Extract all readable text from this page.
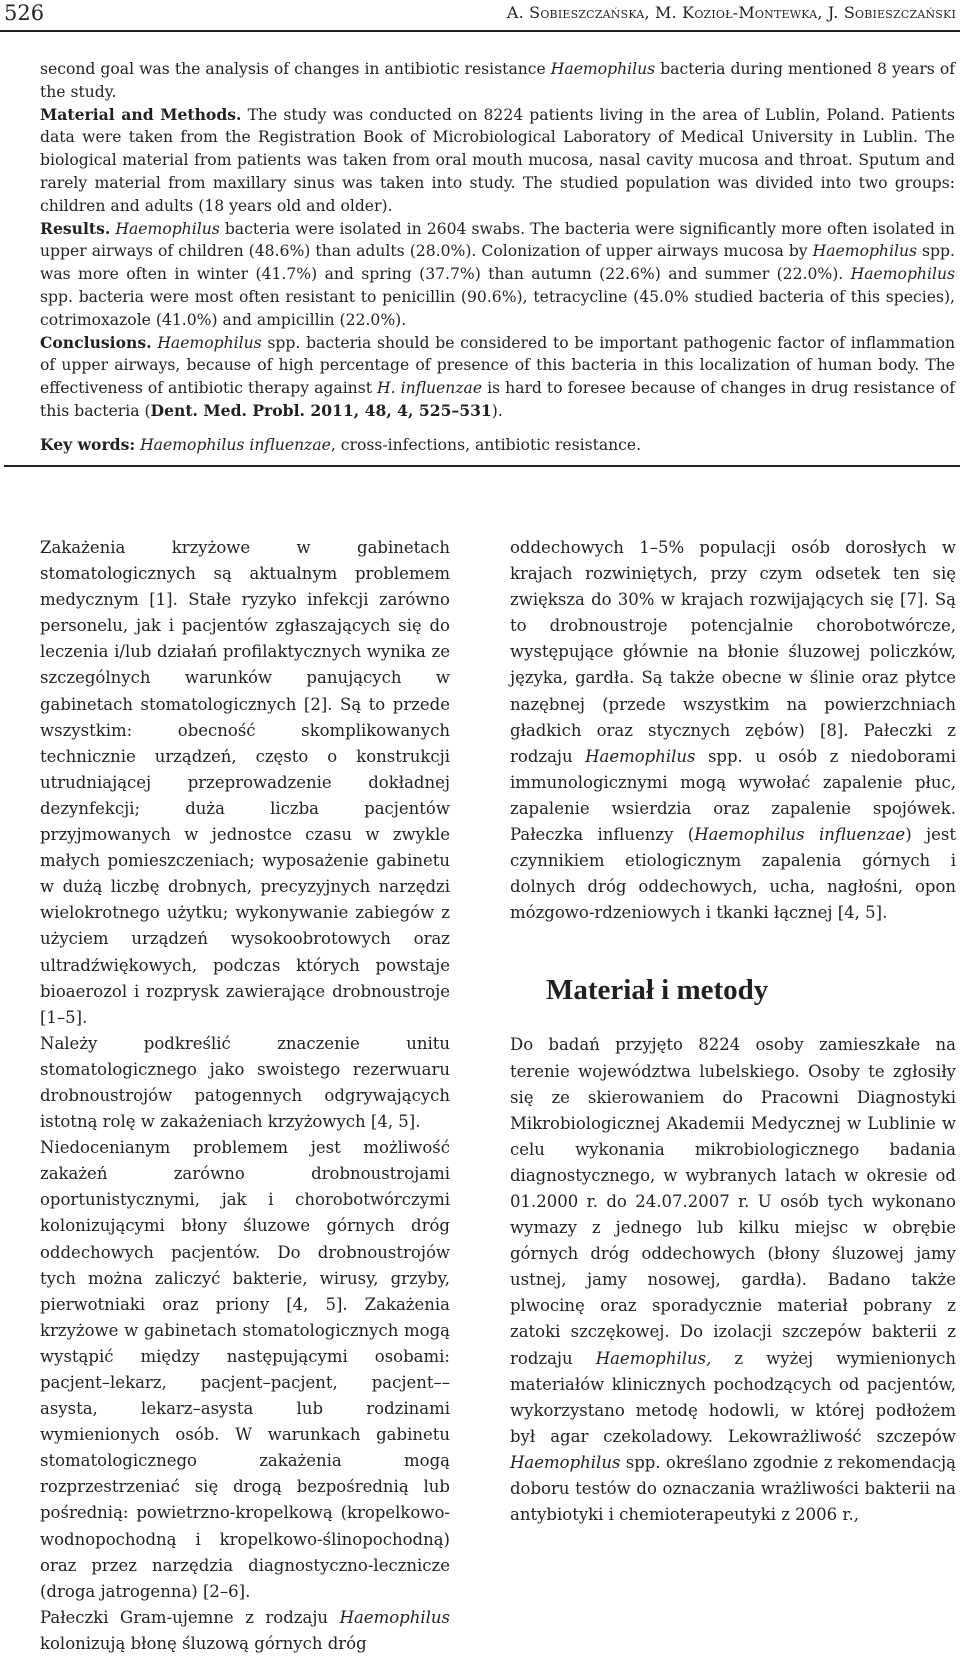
526	A. Sobieszczańska, M. Kozioł-Montewka, J. Sobieszczański

second goal was the analysis of changes in antibiotic resistance Haemophilus bacteria during mentioned 8 years of the study.

Material and Methods. The study was conducted on 8224 patients living in the area of Lublin, Poland. Patients data were taken from the Registration Book of Microbiological Laboratory of Medical University in Lublin. The biological material from patients was taken from oral mouth mucosa, nasal cavity mucosa and throat. Sputum and rarely material from maxillary sinus was taken into study. The studied population was divided into two groups: children and adults (18 years old and older).

Results. Haemophilus bacteria were isolated in 2604 swabs. The bacteria were significantly more often isolated in upper airways of children (48.6%) than adults (28.0%). Colonization of upper airways mucosa by Haemophilus spp. was more often in winter (41.7%) and spring (37.7%) than autumn (22.6%) and summer (22.0%). Haemophilus spp. bacteria were most often resistant to penicillin (90.6%), tetracycline (45.0% studied bacteria of this species), cotrimoxazole (41.0%) and ampicillin (22.0%).

Conclusions. Haemophilus spp. bacteria should be considered to be important pathogenic factor of inflammation of upper airways, because of high percentage of presence of this bacteria in this localization of human body. The effectiveness of antibiotic therapy against H. influenzae is hard to foresee because of changes in drug resistance of this bacteria (Dent. Med. Probl. 2011, 48, 4, 525–531).

Key words: Haemophilus influenzae, cross-infections, antibiotic resistance.

Zakażenia krzyżowe w gabinetach stomatologicznych są aktualnym problemem medycznym [1]. Stałe ryzyko infekcji zarówno personelu, jak i pacjentów zgłaszających się do leczenia i/lub działań profilaktycznych wynika ze szczególnych warunków panujących w gabinetach stomatologicznych [2]. Są to przede wszystkim: obecność skomplikowanych technicznie urządzeń, często o konstrukcji utrudniającej przeprowadzenie dokładnej dezynfekcji; duża liczba pacjentów przyjmowanych w jednostce czasu w zwykle małych pomieszczeniach; wyposażenie gabinetu w dużą liczbę drobnych, precyzyjnych narzędzi wielokrotnego użytku; wykonywanie zabiegów z użyciem urządzeń wysokoobrotowych oraz ultradźwiękowych, podczas których powstaje bioaerozol i rozprysk zawierające drobnoustroje [1–5].

Należy podkreślić znaczenie unitu stomatologicznego jako swoistego rezerwuaru drobnoustrojów patogennych odgrywających istotną rolę w zakażeniach krzyżowych [4, 5].

Niedocenianym problemem jest możliwość zakażeń zarówno drobnoustrojami oportunistycznymi, jak i chorobotwórczymi kolonizującymi błony śluzowe górnych dróg oddechowych pacjentów. Do drobnoustrojów tych można zaliczyć bakterie, wirusy, grzyby, pierwotniaki oraz priony [4, 5]. Zakażenia krzyżowe w gabinetach stomatologicznych mogą wystąpić między następującymi osobami: pacjent–lekarz, pacjent–pacjent, pacjent––asysta, lekarz–asysta lub rodzinami wymienionych osób. W warunkach gabinetu stomatologicznego zakażenia mogą rozprzestrzeniać się drogą bezpośrednią lub pośrednią: powietrzno-kropelkową (kropelkowo-wodnopochodną i kropelkowo-ślinopochodną) oraz przez narzędzia diagnostyczno-lecznicze (droga jatrogenna) [2–6].

Pałeczki Gram-ujemne z rodzaju Haemophilus kolonizują błonę śluzową górnych dróg

oddechowych 1–5% populacji osób dorosłych w krajach rozwiniętych, przy czym odsetek ten się zwiększa do 30% w krajach rozwijających się [7]. Są to drobnoustroje potencjalnie chorobotwórcze, występujące głównie na błonie śluzowej policzków, języka, gardła. Są także obecne w ślinie oraz płytce nazębnej (przede wszystkim na powierzchniach gładkich oraz stycznych zębów) [8]. Pałeczki z rodzaju Haemophilus spp. u osób z niedoborami immunologicznymi mogą wywołać zapalenie płuc, zapalenie wsierdzia oraz zapalenie spojówek. Pałeczka influenzy (Haemophilus influenzae) jest czynnikiem etiologicznym zapalenia górnych i dolnych dróg oddechowych, ucha, nagłośni, opon mózgowo-rdzeniowych i tkanki łącznej [4, 5].

Materiał i metody

Do badań przyjęto 8224 osoby zamieszkałe na terenie województwa lubelskiego. Osoby te zgłosiły się ze skierowaniem do Pracowni Diagnostyki Mikrobiologicznej Akademii Medycznej w Lublinie w celu wykonania mikrobiologicznego badania diagnostycznego, w wybranych latach w okresie od 01.2000 r. do 24.07.2007 r. U osób tych wykonano wymazy z jednego lub kilku miejsc w obrębie górnych dróg oddechowych (błony śluzowej jamy ustnej, jamy nosowej, gardła). Badano także plwocinę oraz sporadycznie materiał pobrany z zatoki szczękowej. Do izolacji szczepów bakterii z rodzaju Haemophilus, z wyżej wymienionych materiałów klinicznych pochodzących od pacjentów, wykorzystano metodę hodowli, w której podłożem był agar czekoladowy. Lekowrażliwość szczepów Haemophilus spp. określano zgodnie z rekomendacją doboru testów do oznaczania wrażliwości bakterii na antybiotyki i chemioterapeutyki z 2006 r.,
